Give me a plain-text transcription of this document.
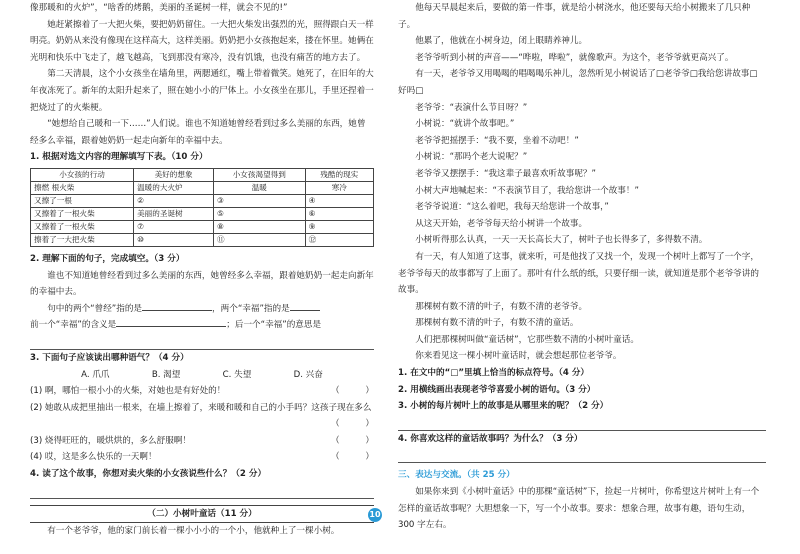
像那暖和的火炉”，“啥香的烤鹅，美丽的圣诞树一样，就会不见的!”

她赶紧擦着了一大把火柴，要把奶奶留住。一大把火柴发出强烈的光，照得跟白天一样明亮。奶奶从来没有像现在这样高大，这样美丽。奶奶把小女孩抱起来，搂在怀里。她俩在光明和快乐中飞走了，越飞越高，飞到那没有寒冷，没有饥饿，也没有痛苦的地方去了。

第二天清晨，这个小女孩坐在墙角里，两腮通红，嘴上带着微笑。她死了，在旧年的大年夜冻死了。新年的太阳升起来了，照在她小小的尸体上。小女孩坐在那儿，手里还捏着一把烧过了的火柴梗。

“她想给自己暖和一下……”人们说。谁也不知道她曾经看到过多么美丽的东西，她曾经多么幸福，跟着她奶奶一起走向新年的幸福中去。

1. 根据对选文内容的理解填写下表。（10 分）

小女孩的行动	美好的想象	小女孩渴望得到	残酷的现实
擦燃 根火柴	温暖的大火炉	温暖	寒冷
又擦了一根	②	③	④
又擦着了一根火柴	美丽的圣诞树	⑤	⑥
又擦着了一根火柴	⑦	⑧	⑨
擦着了一大把火柴	⑩	⑪	⑫

2. 理解下面的句子，完成填空。（3 分）

谁也不知道她曾经看到过多么美丽的东西，她曾经多么幸福，跟着她奶奶一起走向新年的幸福中去。

句中的两个“曾经”指的是	，两个“幸福”指的是

前一个“幸福”的含义是	；后一个“幸福”的意思是

3. 下面句子应该读出哪种语气？（4 分）

A. 爪爪	B. 渴望	C. 失望	D. 兴奋
(1) 啊，哪怕一根小小的火柴，对她也是有好处的！	（　　　）
(2) 她敢从成把里抽出一根来，在墙上擦着了，来暖和暖和自己的小手吗？这孩子现在多么
（　　　）
(3) 烧得旺旺的，暖烘烘的，多么舒服啊！	（　　　）
(4) 哎，这是多么快乐的一天啊！	（　　　）

4. 读了这个故事，你想对卖火柴的小女孩说些什么？（2 分）

（二）小树叶童话（11 分）

有一个老爷爷，他的家门前长着一棵小小小的一个小，他就种上了一棵小树。

10

他每天早晨起来后，要做的第一件事，就是给小树浇水，他还要每天给小树搬来了几只种子。

他累了，他就在小树身边，闭上眼睛养神儿。

老爷爷听到小树的声音——“哗啦，哗啦”，就像歌声。为这个，老爷爷就更高兴了。

有一天，老爷爷又用喝喝的唱喝喝乐神儿，忽然听见小树说话了□老爷爷□我给您讲故事□好吗□

老爷爷：“表演什么节目呀？”

小树说：“就讲个故事吧。”

老爷爷把摇摆手：“我不要，坐着不动吧！”

小树说：“那吗个老大说呢？”

老爷爷又摆摆手：“我这辈子最喜欢听故事呢？”

小树大声地喊起来：“不表演节目了，我给您讲一个故事！”

老爷爷说道：“这么着吧，我每天给您讲一个故事，”

从这天开始，老爷爷每天给小树讲一个故事。

小树听得那么认真，一天一天长高长大了，树叶子也长得多了，多得数不清。

有一天，有人知道了这事，就来听，可是他找了又找一个，发现一个树叶上都写了一个字，老爷爷每天的故事都写了上面了。那叶有什么纸的纸，只要仔细一读，就知道是那个老爷爷讲的故事。

那棵树有数不清的叶子，有数不清的老爷爷。

那棵树有数不清的叶子，有数不清的童话。

人们把那棵树叫做“童话树”，它那些数不清的小树叶童话。

你来看见这一棵小树叶童话时，就会想起那位老爷爷。

1. 在文中的“□”里填上恰当的标点符号。（4 分）

2. 用横线画出表现老爷爷喜爱小树的语句。（3 分）

3. 小树的每片树叶上的故事是从哪里来的呢？（2 分）

4. 你喜欢这样的童话故事吗？为什么？（3 分）

三、表达与交流。（共 25 分）

如果你来到《小树叶童话》中的那棵“童话树”下，捡起一片树叶，你希望这片树叶上有一个怎样的童话故事呢？大胆想象一下，写一个小故事。要求：想象合理，故事有趣，语句生动，300 字左右。
